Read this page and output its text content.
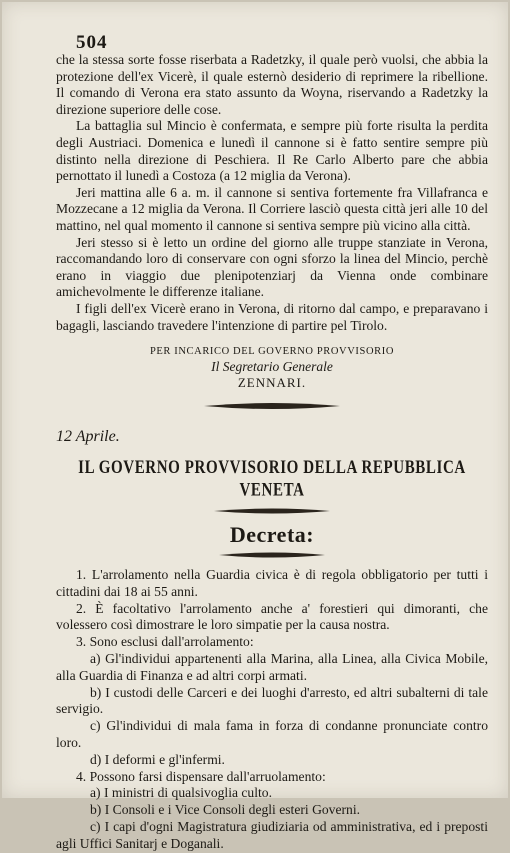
504

che la stessa sorte fosse riserbata a Radetzky, il quale però vuolsi, che abbia la protezione dell'ex Vicerè, il quale esternò desiderio di reprimere la ribellione. Il comando di Verona era stato assunto da Woyna, riservando a Radetzky la direzione superiore delle cose.

La battaglia sul Mincio è confermata, e sempre più forte risulta la perdita degli Austriaci. Domenica e lunedì il cannone si è fatto sentire sempre più distinto nella direzione di Peschiera. Il Re Carlo Alberto pare che abbia pernottato il lunedì a Costoza (a 12 miglia da Verona).

Jeri mattina alle 6 a. m. il cannone si sentiva fortemente fra Villafranca e Mozzecane a 12 miglia da Verona. Il Corriere lasciò questa città jeri alle 10 del mattino, nel qual momento il cannone si sentiva sempre più vicino alla città.

Jeri stesso si è letto un ordine del giorno alle truppe stanziate in Verona, raccomandando loro di conservare con ogni sforzo la linea del Mincio, perchè erano in viaggio due plenipotenziarj da Vienna onde combinare amichevolmente le differenze italiane.

I figli dell'ex Vicerè erano in Verona, di ritorno dal campo, e preparavano i bagagli, lasciando travedere l'intenzione di partire pel Tirolo.

PER INCARICO DEL GOVERNO PROVVISORIO
Il Segretario Generale
ZENNARI.
12 Aprile.
IL GOVERNO PROVVISORIO DELLA REPUBBLICA VENETA
Decreta:

1. L'arrolamento nella Guardia civica è di regola obbligatorio per tutti i cittadini dai 18 ai 55 anni.

2. È facoltativo l'arrolamento anche a' forestieri qui dimoranti, che volessero così dimostrare le loro simpatie per la causa nostra.

3. Sono esclusi dall'arrolamento:

a) Gl'individui appartenenti alla Marina, alla Linea, alla Civica Mobile, alla Guardia di Finanza e ad altri corpi armati.

b) I custodi delle Carceri e dei luoghi d'arresto, ed altri subalterni di tale servigio.

c) Gl'individui di mala fama in forza di condanne pronunciate contro loro.

d) I deformi e gl'infermi.

4. Possono farsi dispensare dall'arruolamento:

a) I ministri di qualsivoglia culto.

b) I Consoli e i Vice Consoli degli esteri Governi.

c) I capi d'ogni Magistratura giudiziaria od amministrativa, ed i preposti agli Uffici Sanitarj e Doganali.
